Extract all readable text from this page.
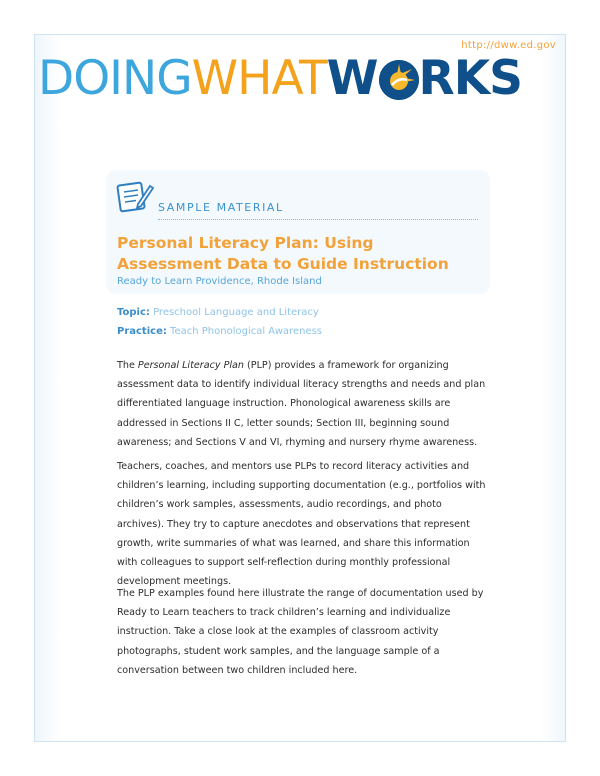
http://dww.ed.gov
DOING WHAT W RKS
SAMPLE MATERIAL
Personal Literacy Plan: Using Assessment Data to Guide Instruction
Ready to Learn Providence, Rhode Island
Topic: Preschool Language and Literacy
Practice: Teach Phonological Awareness

The Personal Literacy Plan (PLP) provides a framework for organizing assessment data to identify individual literacy strengths and needs and plan differentiated language instruction. Phonological awareness skills are addressed in Sections II C, letter sounds; Section III, beginning sound awareness; and Sections V and VI, rhyming and nursery rhyme awareness.

Teachers, coaches, and mentors use PLPs to record literacy activities and children’s learning, including supporting documentation (e.g., portfolios with children’s work samples, assessments, audio recordings, and photo archives). They try to capture anecdotes and observations that represent growth, write summaries of what was learned, and share this information with colleagues to support self-reflection during monthly professional development meetings.

The PLP examples found here illustrate the range of documentation used by Ready to Learn teachers to track children’s learning and individualize instruction. Take a close look at the examples of classroom activity photographs, student work samples, and the language sample of a conversation between two children included here.
